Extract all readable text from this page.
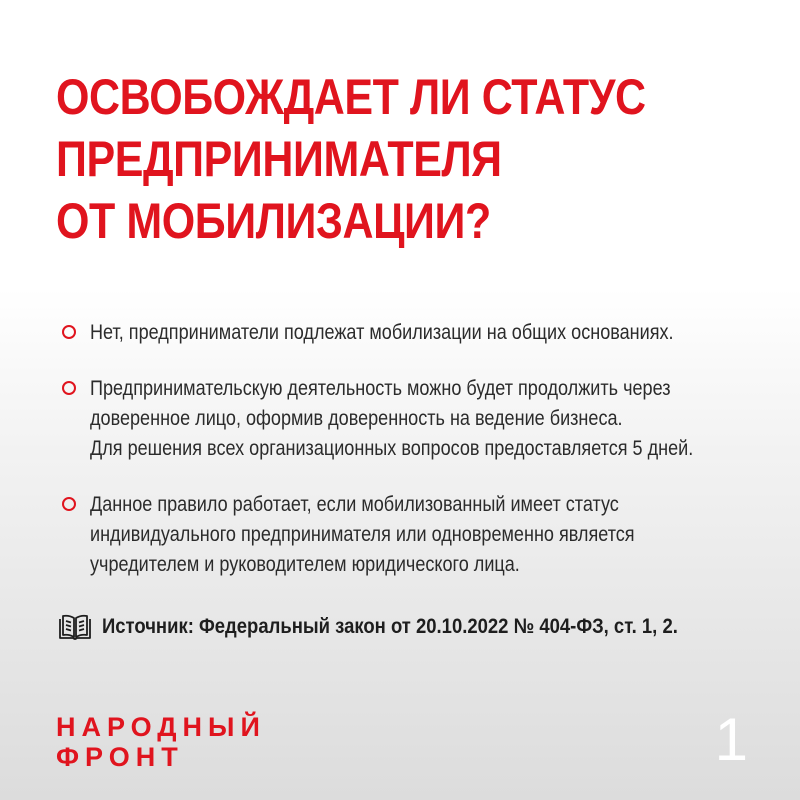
ОСВОБОЖДАЕТ ЛИ СТАТУС
ПРЕДПРИНИМАТЕЛЯ
ОТ МОБИЛИЗАЦИИ?
Нет, предприниматели подлежат мобилизации на общих основаниях.
Предпринимательскую деятельность можно будет продолжить через
доверенное лицо, оформив доверенность на ведение бизнеса.
Для решения всех организационных вопросов предоставляется 5 дней.
Данное правило работает, если мобилизованный имеет статус
индивидуального предпринимателя или одновременно является
учредителем и руководителем юридического лица.
Источник: Федеральный закон от 20.10.2022 № 404-ФЗ, ст. 1, 2.
НАРОДНЫЙ
ФРОНТ	1
